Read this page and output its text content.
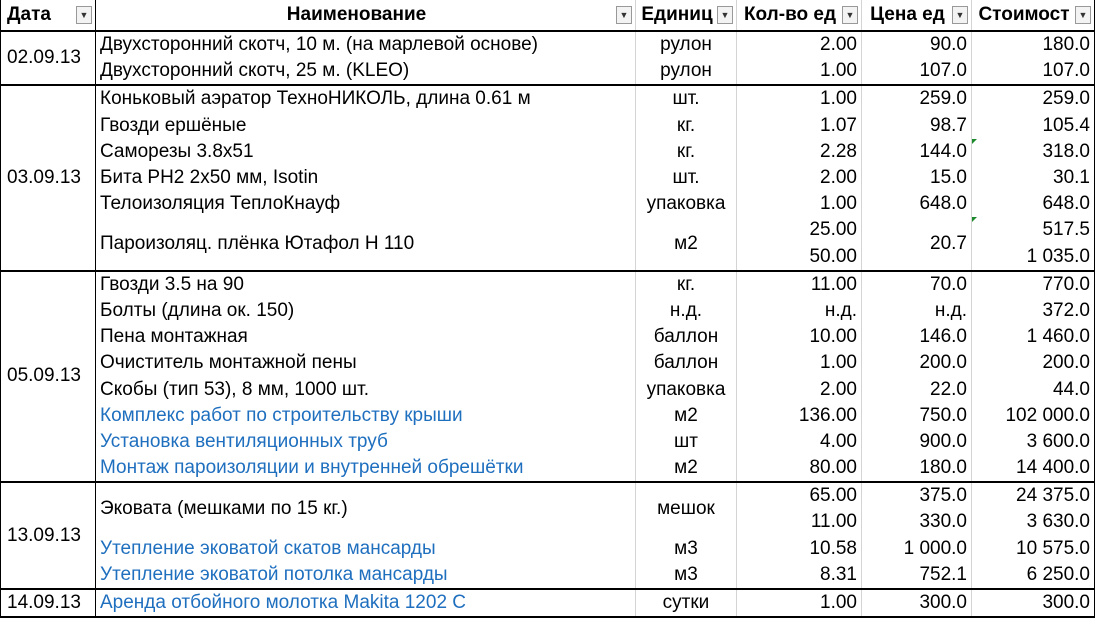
Дата ▼	Наименование ▼	Единиц ▼	Кол-во ед ▼	Цена ед ▼	Стоимост ▼

02.09.13	Двухсторонний скотч, 10 м. (на марлевой основе)	рулон	2.00	90.0	180.0
	Двухсторонний скотч, 25 м. (KLEO)	рулон	1.00	107.0	107.0
03.09.13	Коньковый аэратор ТехноНИКОЛЬ, длина 0.61 м	шт.	1.00	259.0	259.0
	Гвозди ершёные	кг.	1.07	98.7	105.4
	Саморезы 3.8x51	кг.	2.28	144.0	318.0

	Бита PH2 2x50 мм, Isotin	шт.	2.00	15.0	30.1
	Телоизоляция ТеплоКнауф	упаковка	1.00	648.0	648.0
	Пароизоляц. плёнка Ютафол Н 110	м2	25.00	20.7	517.5

			50.00		1 035.0
05.09.13	Гвозди 3.5 на 90	кг.	11.00	70.0	770.0
	Болты (длина ок. 150)	н.д.	н.д.	н.д.	372.0
	Пена монтажная	баллон	10.00	146.0	1 460.0
	Очиститель монтажной пены	баллон	1.00	200.0	200.0
	Скобы (тип 53), 8 мм, 1000 шт.	упаковка	2.00	22.0	44.0
	Комплекс работ по строительству крыши	м2	136.00	750.0	102 000.0
	Установка вентиляционных труб	шт	4.00	900.0	3 600.0
	Монтаж пароизоляции и внутренней обрешётки	м2	80.00	180.0	14 400.0
13.09.13	Эковата (мешками по 15 кг.)	мешок	65.00	375.0	24 375.0
			11.00	330.0	3 630.0
	Утепление эковатой скатов мансарды	м3	10.58	1 000.0	10 575.0
	Утепление эковатой потолка мансарды	м3	8.31	752.1	6 250.0
14.09.13	Аренда отбойного молотка Makita 1202 С	сутки	1.00	300.0	300.0
